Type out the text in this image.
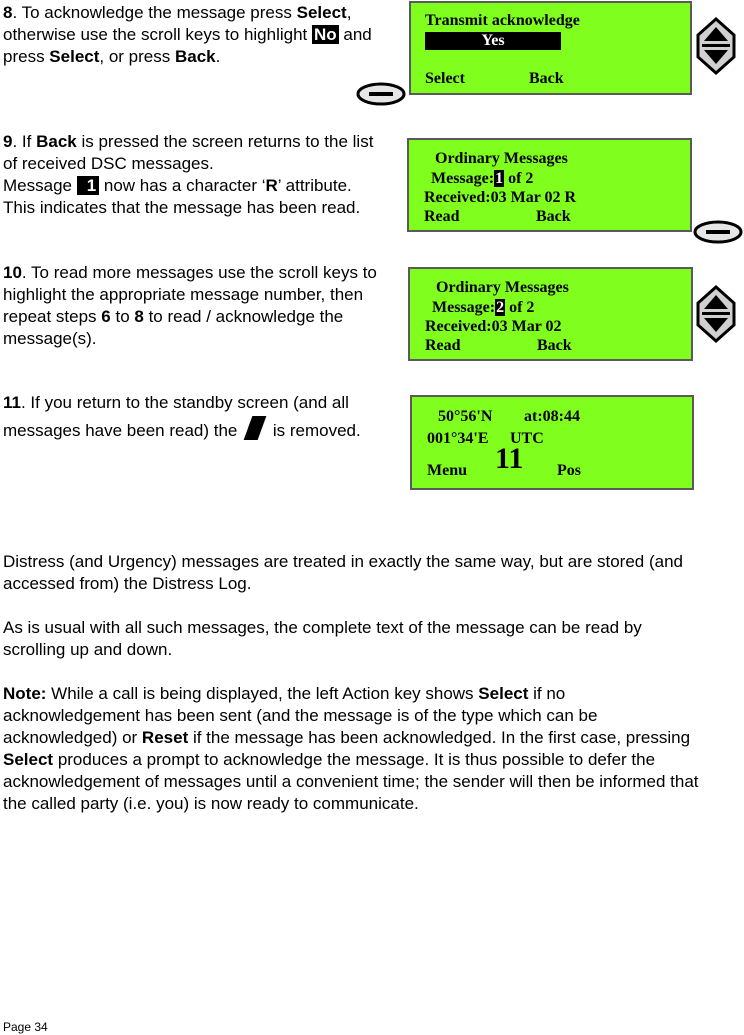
8. To acknowledge the message press Select, otherwise use the scroll keys to highlight No and press Select, or press Back.
9. If Back is pressed the screen returns to the list of received DSC messages.
Message 1 now has a character ‘R’ attribute. This indicates that the message has been read.
10. To read more messages use the scroll keys to highlight the appropriate message number, then repeat steps 6 to 8 to read / acknowledge the message(s).
11. If you return to the standby screen (and all messages have been read) the  is removed.
Transmit acknowledge
Yes
Select	Back
Ordinary Messages
Message:1 of 2
Received:03 Mar 02 R
Read	Back
Ordinary Messages
Message:2 of 2
Received:03 Mar 02
Read	Back
50°56'N at:08:44
001°34'E UTC
Menu 11 Pos
Distress (and Urgency) messages are treated in exactly the same way, but are stored (and accessed from) the Distress Log.
As is usual with all such messages, the complete text of the message can be read by scrolling up and down.
Note: While a call is being displayed, the left Action key shows Select if no acknowledgement has been sent (and the message is of the type which can be acknowledged) or Reset if the message has been acknowledged. In the first case, pressing Select produces a prompt to acknowledge the message. It is thus possible to defer the acknowledgement of messages until a convenient time; the sender will then be informed that the called party (i.e. you) is now ready to communicate.
Page 34
